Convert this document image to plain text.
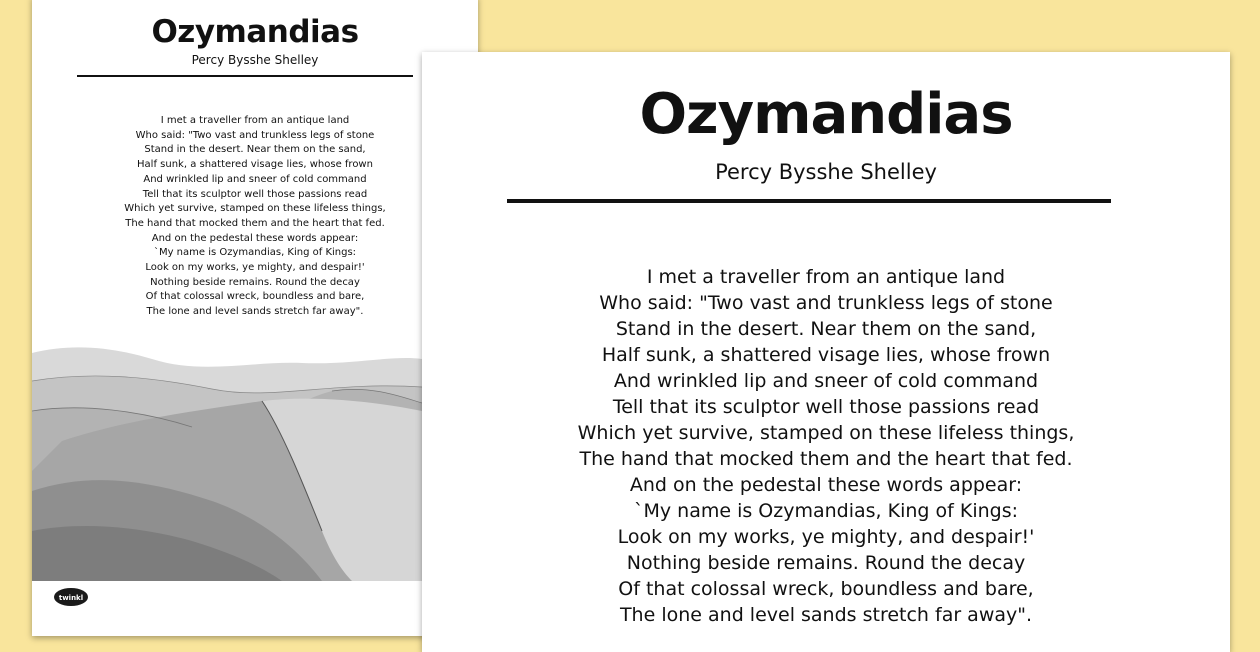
Ozymandias

Percy Bysshe Shelley

I met a traveller from an antique land
Who said: "Two vast and trunkless legs of stone
Stand in the desert. Near them on the sand,
Half sunk, a shattered visage lies, whose frown
And wrinkled lip and sneer of cold command
Tell that its sculptor well those passions read
Which yet survive, stamped on these lifeless things,
The hand that mocked them and the heart that fed.
And on the pedestal these words appear:
`My name is Ozymandias, King of Kings:
Look on my works, ye mighty, and despair!'
Nothing beside remains. Round the decay
Of that colossal wreck, boundless and bare,
The lone and level sands stretch far away".
twinkl
Ozymandias

Percy Bysshe Shelley

I met a traveller from an antique land
Who said: "Two vast and trunkless legs of stone
Stand in the desert. Near them on the sand,
Half sunk, a shattered visage lies, whose frown
And wrinkled lip and sneer of cold command
Tell that its sculptor well those passions read
Which yet survive, stamped on these lifeless things,
The hand that mocked them and the heart that fed.
And on the pedestal these words appear:
`My name is Ozymandias, King of Kings:
Look on my works, ye mighty, and despair!'
Nothing beside remains. Round the decay
Of that colossal wreck, boundless and bare,
The lone and level sands stretch far away".
